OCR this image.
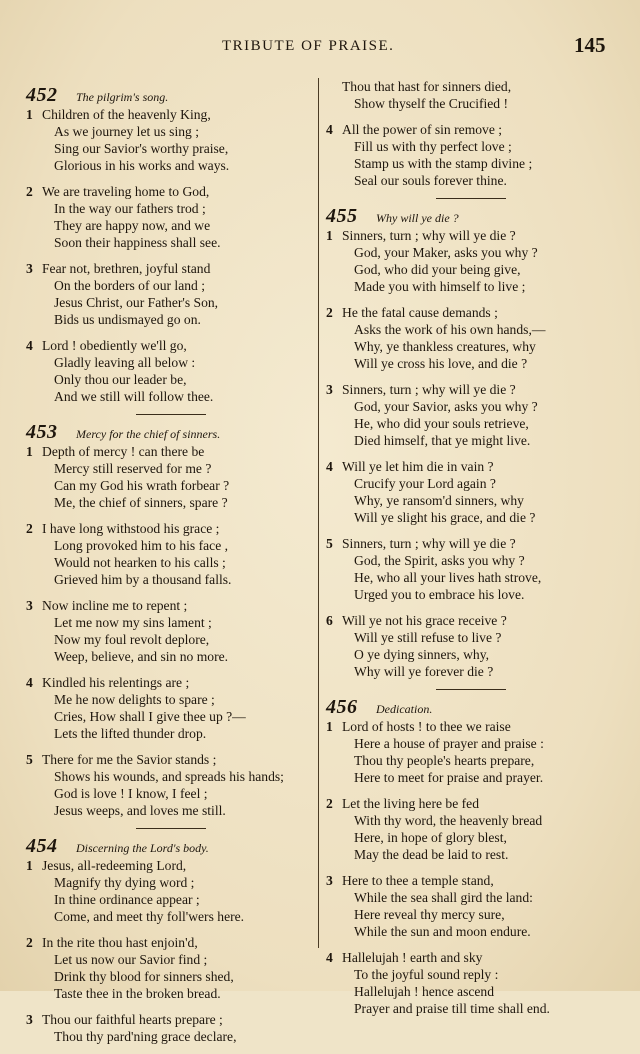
TRIBUTE OF PRAISE.	145
452 The pilgrim's song.
1 Children of the heavenly King,
As we journey let us sing ;
Sing our Savior's worthy praise,
Glorious in his works and ways.
2 We are traveling home to God,
In the way our fathers trod ;
They are happy now, and we
Soon their happiness shall see.
3 Fear not, brethren, joyful stand
On the borders of our land ;
Jesus Christ, our Father's Son,
Bids us undismayed go on.
4 Lord ! obediently we'll go,
Gladly leaving all below :
Only thou our leader be,
And we still will follow thee.
453 Mercy for the chief of sinners.
1 Depth of mercy ! can there be
Mercy still reserved for me ?
Can my God his wrath forbear ?
Me, the chief of sinners, spare ?
2 I have long withstood his grace ;
Long provoked him to his face ,
Would not hearken to his calls ;
Grieved him by a thousand falls.
3 Now incline me to repent ;
Let me now my sins lament ;
Now my foul revolt deplore,
Weep, believe, and sin no more.
4 Kindled his relentings are ;
Me he now delights to spare ;
Cries, How shall I give thee up ?—
Lets the lifted thunder drop.
5 There for me the Savior stands ;
Shows his wounds, and spreads his hands;
God is love ! I know, I feel ;
Jesus weeps, and loves me still.
454 Discerning the Lord's body.
1 Jesus, all-redeeming Lord,
Magnify thy dying word ;
In thine ordinance appear ;
Come, and meet thy foll'wers here.
2 In the rite thou hast enjoin'd,
Let us now our Savior find ;
Drink thy blood for sinners shed,
Taste thee in the broken bread.
3 Thou our faithful hearts prepare ;
Thou thy pard'ning grace declare,
Thou that hast for sinners died,
Show thyself the Crucified !
4 All the power of sin remove ;
Fill us with thy perfect love ;
Stamp us with the stamp divine ;
Seal our souls forever thine.
455 Why will ye die ?
1 Sinners, turn ; why will ye die ?
God, your Maker, asks you why ?
God, who did your being give,
Made you with himself to live ;
2 He the fatal cause demands ;
Asks the work of his own hands,—
Why, ye thankless creatures, why
Will ye cross his love, and die ?
3 Sinners, turn ; why will ye die ?
God, your Savior, asks you why ?
He, who did your souls retrieve,
Died himself, that ye might live.
4 Will ye let him die in vain ?
Crucify your Lord again ?
Why, ye ransom'd sinners, why
Will ye slight his grace, and die ?
5 Sinners, turn ; why will ye die ?
God, the Spirit, asks you why ?
He, who all your lives hath strove,
Urged you to embrace his love.
6 Will ye not his grace receive ?
Will ye still refuse to live ?
O ye dying sinners, why,
Why will ye forever die ?
456 Dedication.
1 Lord of hosts ! to thee we raise
Here a house of prayer and praise :
Thou thy people's hearts prepare,
Here to meet for praise and prayer.
2 Let the living here be fed
With thy word, the heavenly bread
Here, in hope of glory blest,
May the dead be laid to rest.
3 Here to thee a temple stand,
While the sea shall gird the land:
Here reveal thy mercy sure,
While the sun and moon endure.
4 Hallelujah ! earth and sky
To the joyful sound reply :
Hallelujah ! hence ascend
Prayer and praise till time shall end.
